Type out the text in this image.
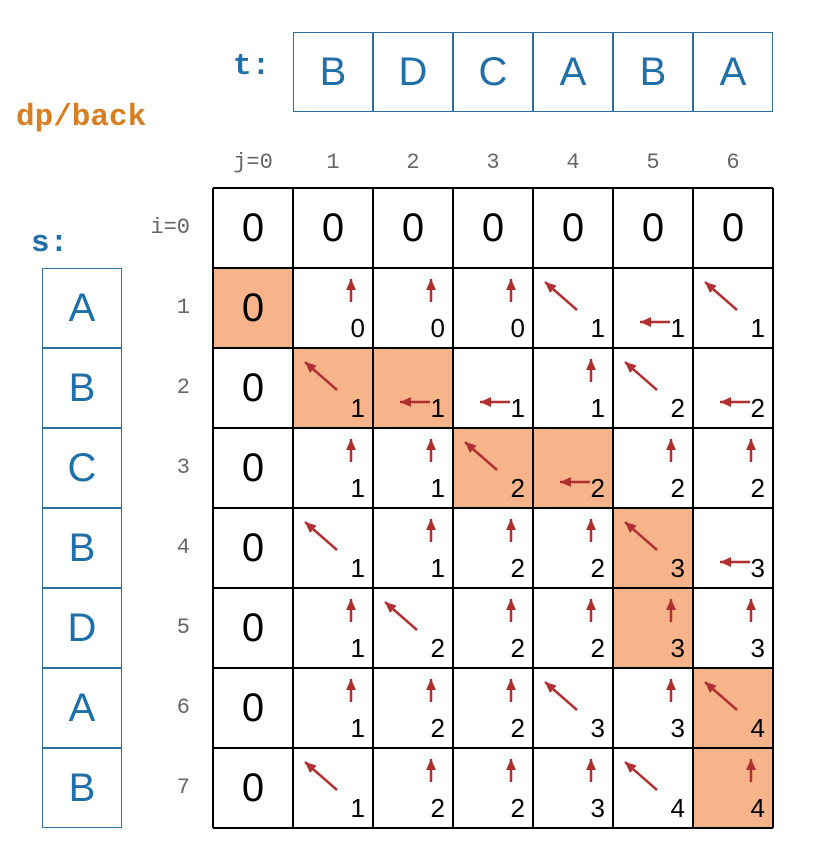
dp/back
t:
s:
B	D	C	A	B	A
A
B
C
B
D
A
B
j=0	1	2	3	4	5	6
i=0
1
2
3
4
5
6
7
0	0	0	0	0	0	0
0	0	0	0	1	1	1
0	1	1	1	1	2	2
0	1	1	2	2	2	2
0	1	1	2	2	3	3
0	1	2	2	2	3	3
0	1	2	2	3	3	4
0	1	2	2	3	4	4
